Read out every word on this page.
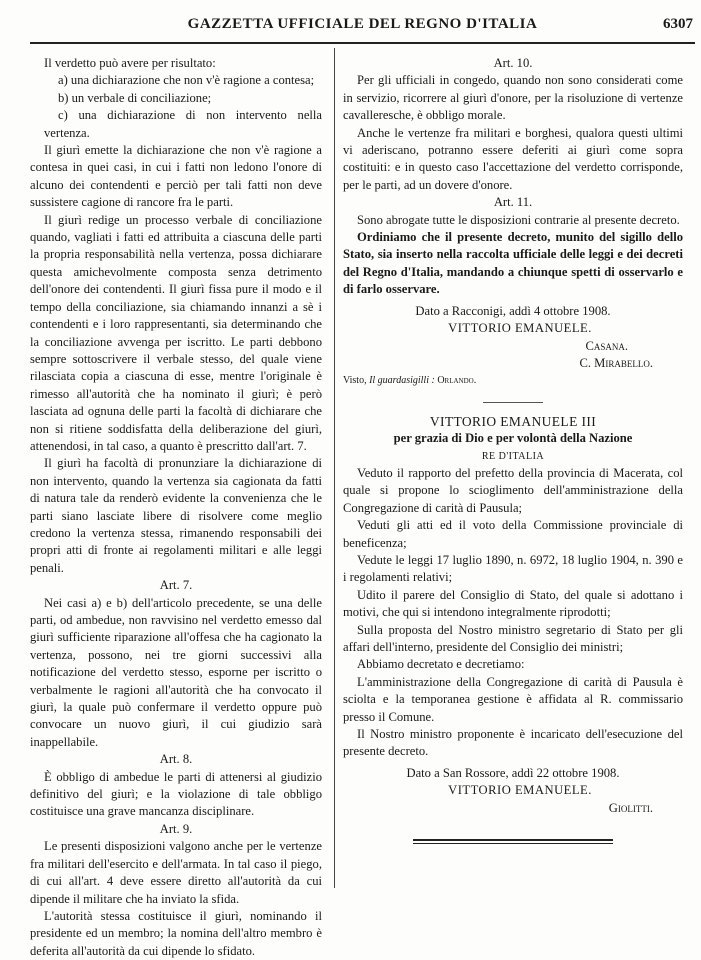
GAZZETTA UFFICIALE DEL REGNO D'ITALIA	6307

Il verdetto può avere per risultato:

a) una dichiarazione che non v'è ragione a contesa;

b) un verbale di conciliazione;

c) una dichiarazione di non intervento nella vertenza.

Il giurì emette la dichiarazione che non v'è ragione a contesa in quei casi, in cui i fatti non ledono l'onore di alcuno dei contendenti e perciò per tali fatti non deve sussistere cagione di rancore fra le parti.

Il giurì redige un processo verbale di conciliazione quando, vagliati i fatti ed attribuita a ciascuna delle parti la propria responsabilità nella vertenza, possa dichiarare questa amichevolmente composta senza detrimento dell'onore dei contendenti. Il giurì fissa pure il modo e il tempo della conciliazione, sia chiamando innanzi a sè i contendenti e i loro rappresentanti, sia determinando che la conciliazione avvenga per iscritto. Le parti debbono sempre sottoscrivere il verbale stesso, del quale viene rilasciata copia a ciascuna di esse, mentre l'originale è rimesso all'autorità che ha nominato il giurì; è però lasciata ad ognuna delle parti la facoltà di dichiarare che non si ritiene soddisfatta della deliberazione del giurì, attenendosi, in tal caso, a quanto è prescritto dall'art. 7.

Il giurì ha facoltà di pronunziare la dichiarazione di non intervento, quando la vertenza sia cagionata da fatti di natura tale da renderò evidente la convenienza che le parti siano lasciate libere di risolvere come meglio credono la vertenza stessa, rimanendo responsabili dei propri atti di fronte ai regolamenti militari e alle leggi penali.

Art. 7.

Nei casi a) e b) dell'articolo precedente, se una delle parti, od ambedue, non ravvisino nel verdetto emesso dal giurì sufficiente riparazione all'offesa che ha cagionato la vertenza, possono, nei tre giorni successivi alla notificazione del verdetto stesso, esporne per iscritto o verbalmente le ragioni all'autorità che ha convocato il giurì, la quale può confermare il verdetto oppure può convocare un nuovo giurì, il cui giudizio sarà inappellabile.

Art. 8.

È obbligo di ambedue le parti di attenersi al giudizio definitivo del giurì; e la violazione di tale obbligo costituisce una grave mancanza disciplinare.

Art. 9.

Le presenti disposizioni valgono anche per le vertenze fra militari dell'esercito e dell'armata. In tal caso il piego, di cui all'art. 4 deve essere diretto all'autorità da cui dipende il militare che ha inviato la sfida.

L'autorità stessa costituisce il giurì, nominando il presidente ed un membro; la nomina dell'altro membro è deferita all'autorità da cui dipende lo sfidato.

Art. 10.

Per gli ufficiali in congedo, quando non sono considerati come in servizio, ricorrere al giurì d'onore, per la risoluzione di vertenze cavalleresche, è obbligo morale.

Anche le vertenze fra militari e borghesi, qualora questi ultimi vi aderiscano, potranno essere deferiti ai giurì come sopra costituiti: e in questo caso l'accettazione del verdetto corrisponde, per le parti, ad un dovere d'onore.

Art. 11.

Sono abrogate tutte le disposizioni contrarie al presente decreto.

Ordiniamo che il presente decreto, munito del sigillo dello Stato, sia inserto nella raccolta ufficiale delle leggi e dei decreti del Regno d'Italia, mandando a chiunque spetti di osservarlo e di farlo osservare.

Dato a Racconigi, addì 4 ottobre 1908.

VITTORIO EMANUELE.

Casana.

C. Mirabello.

Visto, Il guardasigilli : Orlando.

VITTORIO EMANUELE III

per grazia di Dio e per volontà della Nazione

RE D'ITALIA

Veduto il rapporto del prefetto della provincia di Macerata, col quale si propone lo scioglimento dell'amministrazione della Congregazione di carità di Pausula;

Veduti gli atti ed il voto della Commissione provinciale di beneficenza;

Vedute le leggi 17 luglio 1890, n. 6972, 18 luglio 1904, n. 390 e i regolamenti relativi;

Udito il parere del Consiglio di Stato, del quale si adottano i motivi, che qui si intendono integralmente riprodotti;

Sulla proposta del Nostro ministro segretario di Stato per gli affari dell'interno, presidente del Consiglio dei ministri;

Abbiamo decretato e decretiamo:

L'amministrazione della Congregazione di carità di Pausula è sciolta e la temporanea gestione è affidata al R. commissario presso il Comune.

Il Nostro ministro proponente è incaricato dell'esecuzione del presente decreto.

Dato a San Rossore, addì 22 ottobre 1908.

VITTORIO EMANUELE.

Giolitti.
